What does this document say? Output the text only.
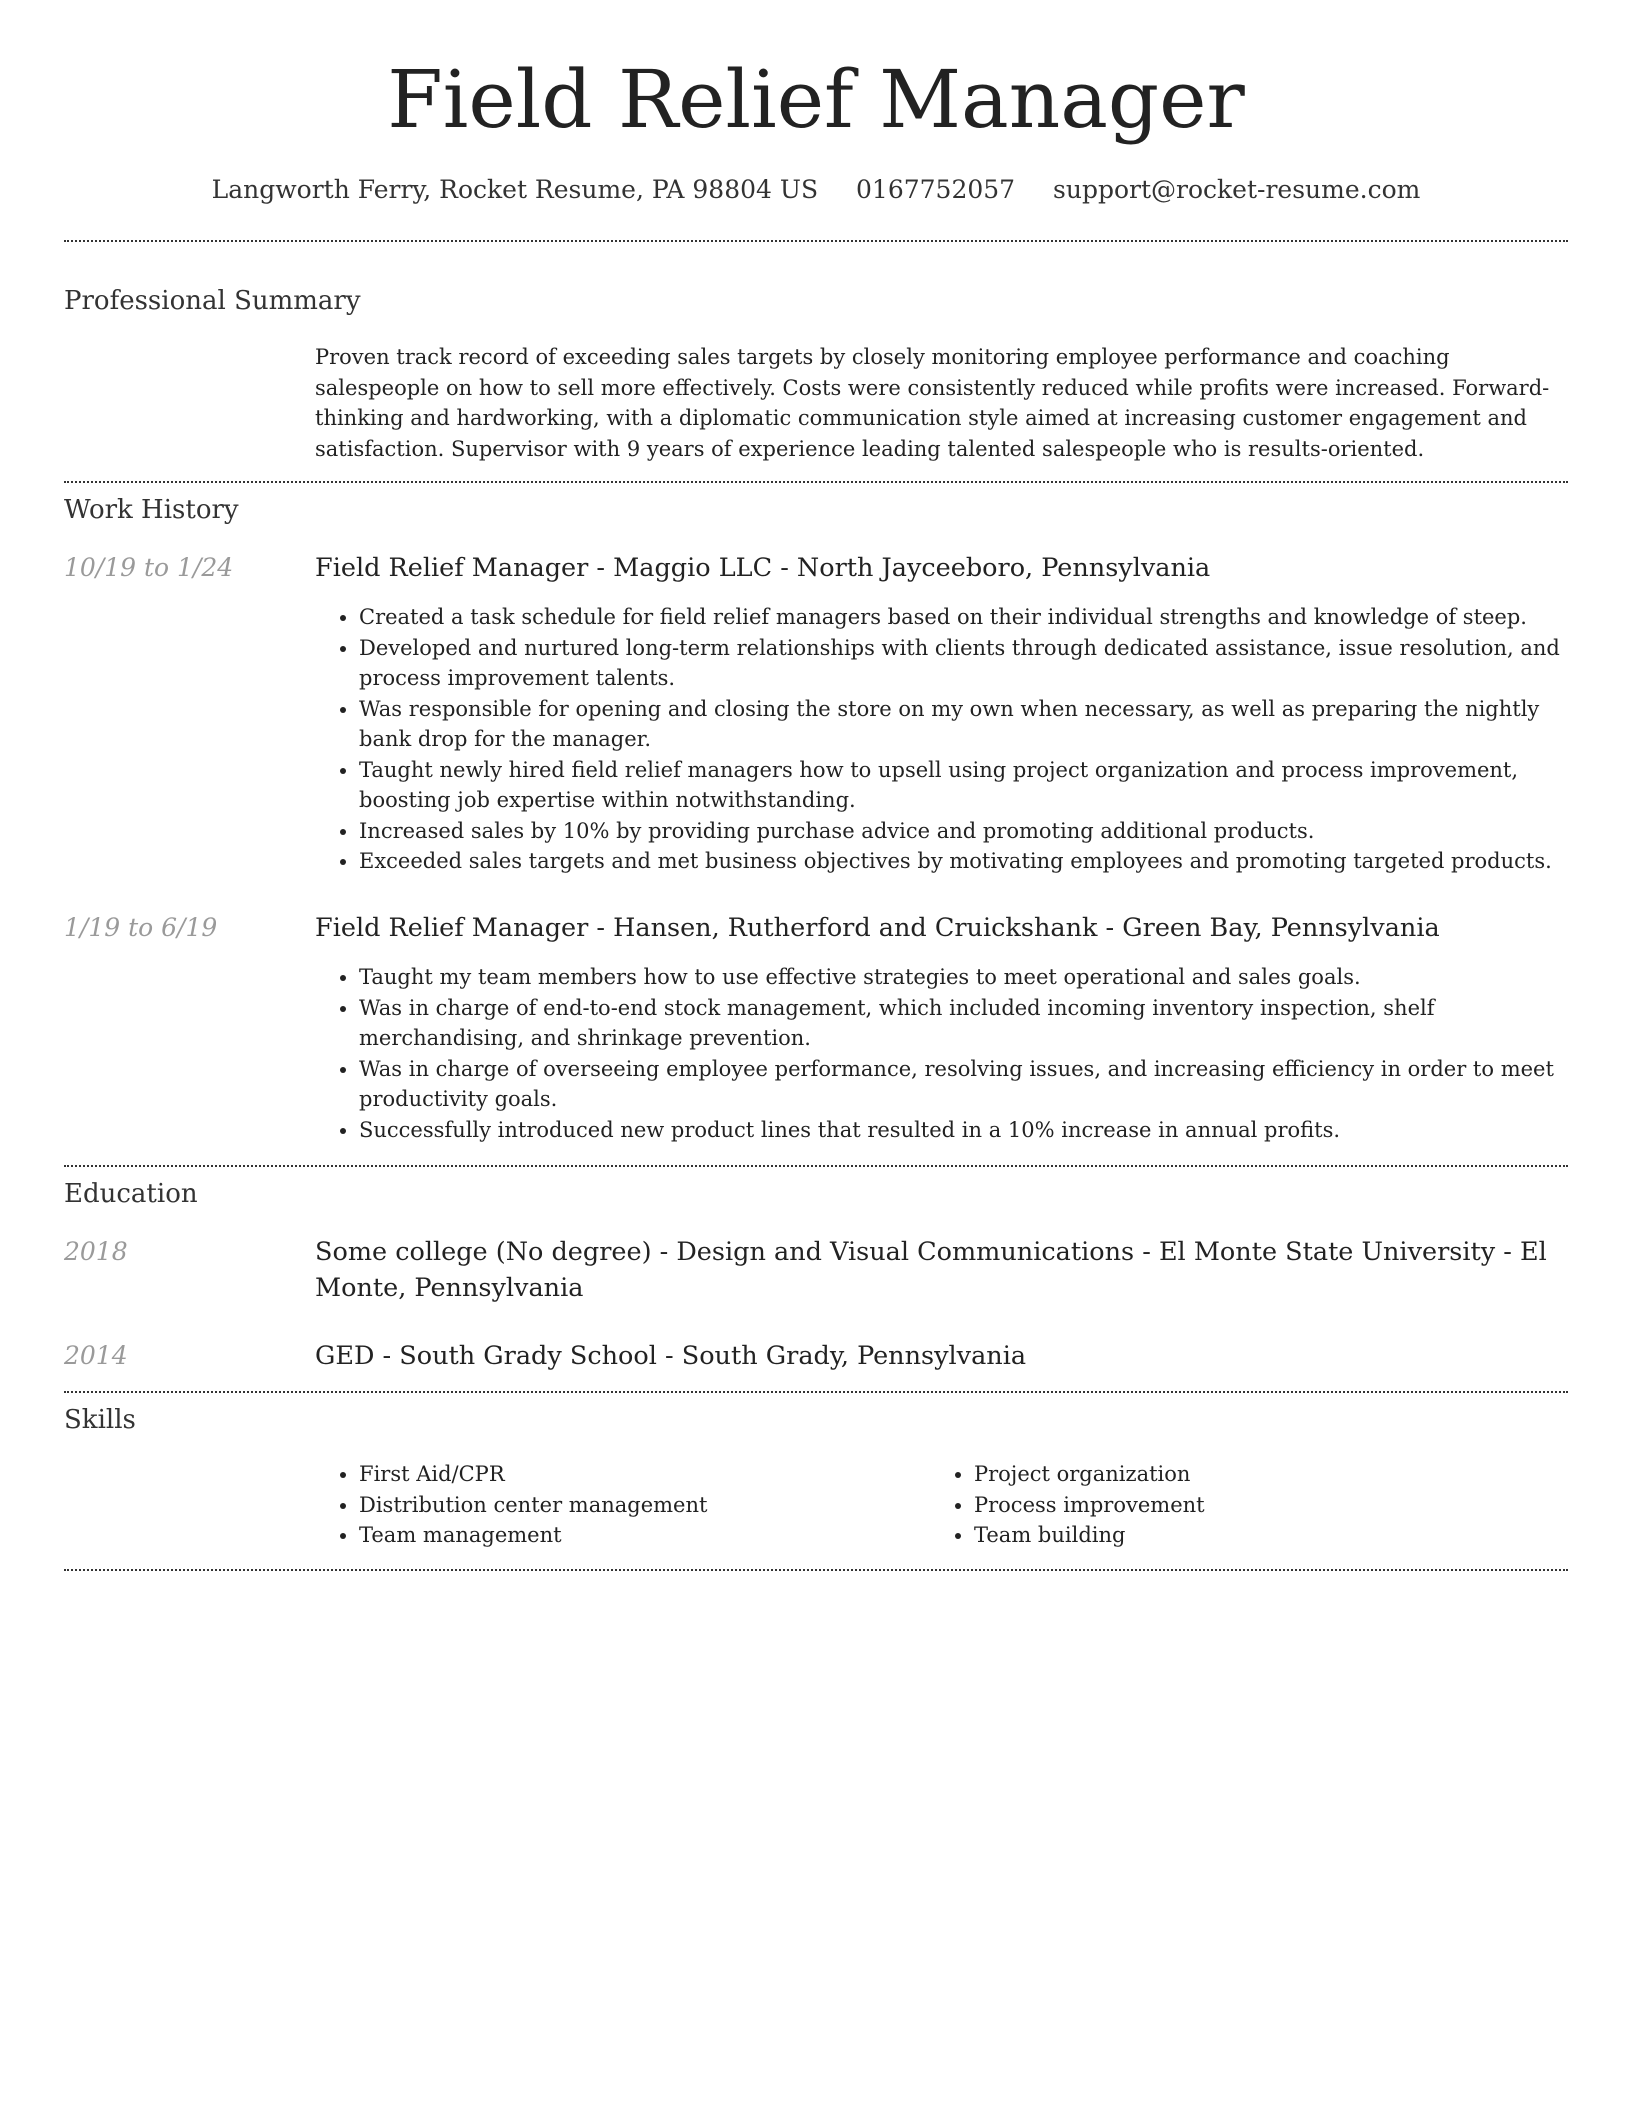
Field Relief Manager
Langworth Ferry, Rocket Resume, PA 98804 US 0167752057 support@rocket-resume.com
Professional Summary
Proven track record of exceeding sales targets by closely monitoring employee performance and coaching salespeople on how to sell more effectively. Costs were consistently reduced while profits were increased. Forward-thinking and hardworking, with a diplomatic communication style aimed at increasing customer engagement and satisfaction. Supervisor with 9 years of experience leading talented salespeople who is results-oriented.
Work History
10/19 to 1/24	Field Relief Manager - Maggio LLC - North Jayceeboro, Pennsylvania
• Created a task schedule for field relief managers based on their individual strengths and knowledge of steep.
• Developed and nurtured long-term relationships with clients through dedicated assistance, issue resolution, and process improvement talents.
• Was responsible for opening and closing the store on my own when necessary, as well as preparing the nightly bank drop for the manager.
• Taught newly hired field relief managers how to upsell using project organization and process improvement, boosting job expertise within notwithstanding.
• Increased sales by 10% by providing purchase advice and promoting additional products.
• Exceeded sales targets and met business objectives by motivating employees and promoting targeted products.
1/19 to 6/19	Field Relief Manager - Hansen, Rutherford and Cruickshank - Green Bay, Pennsylvania
• Taught my team members how to use effective strategies to meet operational and sales goals.
• Was in charge of end-to-end stock management, which included incoming inventory inspection, shelf merchandising, and shrinkage prevention.
• Was in charge of overseeing employee performance, resolving issues, and increasing efficiency in order to meet productivity goals.
• Successfully introduced new product lines that resulted in a 10% increase in annual profits.
Education
2018	Some college (No degree) - Design and Visual Communications - El Monte State University - El Monte, Pennsylvania
2014	GED - South Grady School - South Grady, Pennsylvania
Skills
• First Aid/CPR
• Distribution center management
• Team management
• Project organization
• Process improvement
• Team building
